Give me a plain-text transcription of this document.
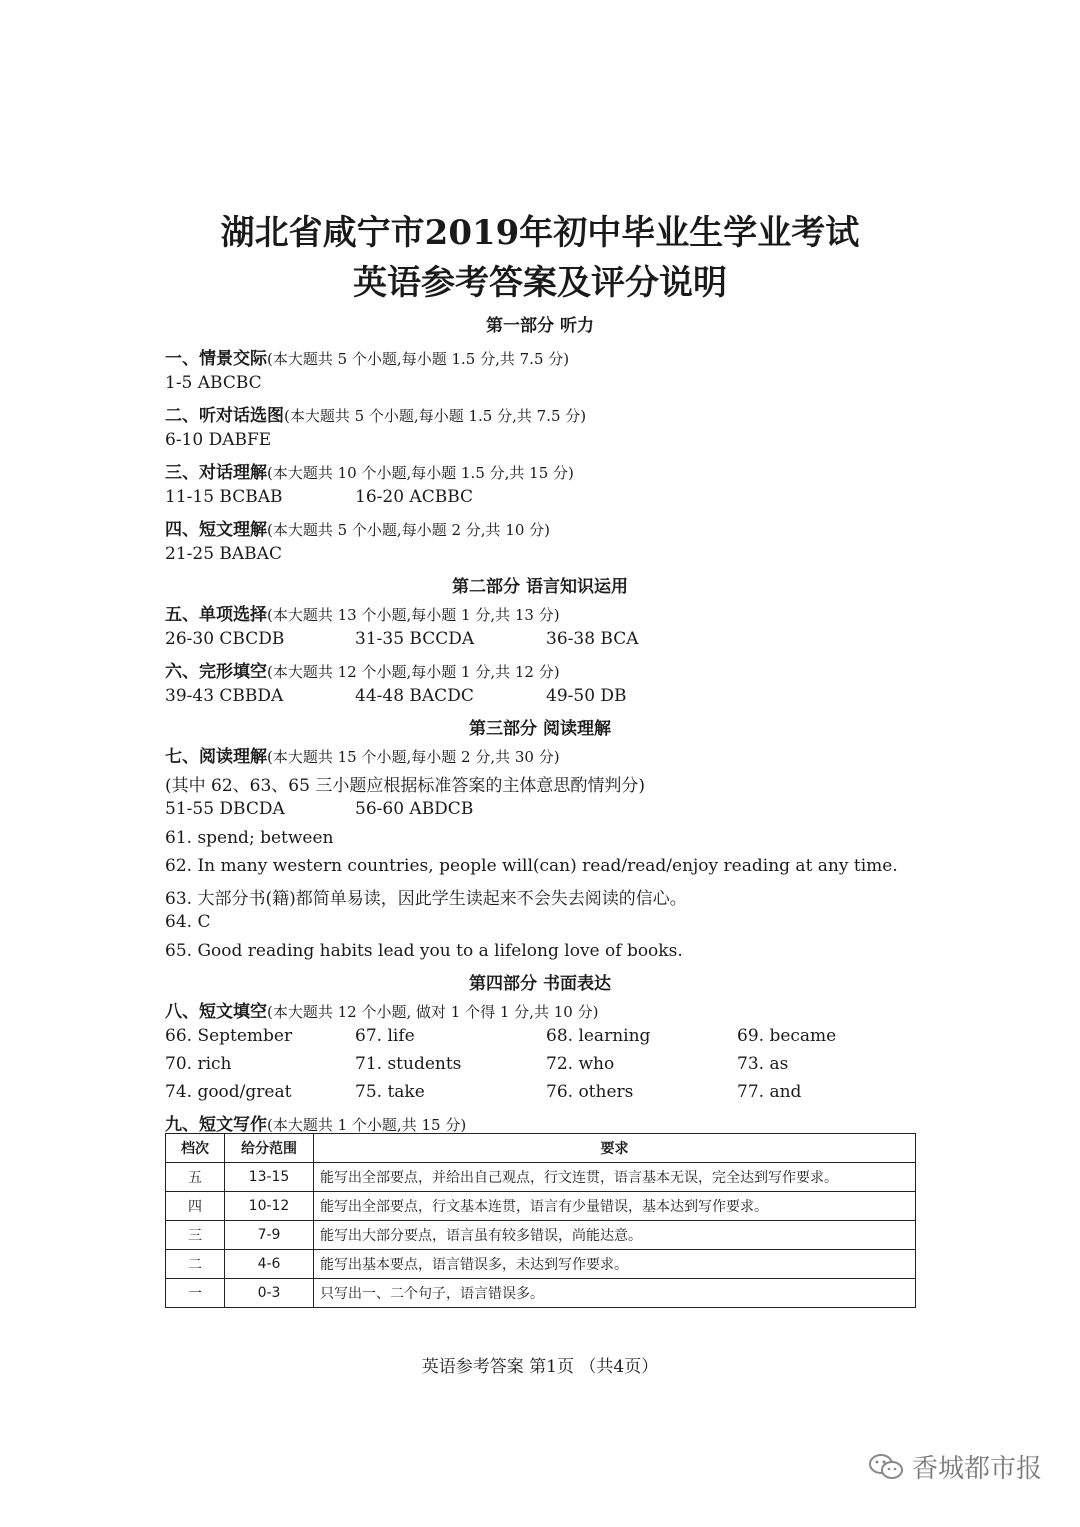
湖北省咸宁市2019年初中毕业生学业考试
英语参考答案及评分说明
第一部分 听力
一、情景交际(本大题共 5 个小题,每小题 1.5 分,共 7.5 分)
1-5 ABCBC
二、听对话选图(本大题共 5 个小题,每小题 1.5 分,共 7.5 分)
6-10 DABFE
三、对话理解(本大题共 10 个小题,每小题 1.5 分,共 15 分)
11-15 BCBAB	16-20 ACBBC
四、短文理解(本大题共 5 个小题,每小题 2 分,共 10 分)
21-25 BABAC
第二部分 语言知识运用
五、单项选择(本大题共 13 个小题,每小题 1 分,共 13 分)
26-30 CBCDB	31-35 BCCDA	36-38 BCA
六、完形填空(本大题共 12 个小题,每小题 1 分,共 12 分)
39-43 CBBDA	44-48 BACDC	49-50 DB
第三部分 阅读理解
七、阅读理解(本大题共 15 个小题,每小题 2 分,共 30 分)
(其中 62、63、65 三小题应根据标准答案的主体意思酌情判分)
51-55 DBCDA	56-60 ABDCB
61. spend; between
62. In many western countries, people will(can) read/read/enjoy reading at any time.
63. 大部分书(籍)都简单易读，因此学生读起来不会失去阅读的信心。
64. C
65. Good reading habits lead you to a lifelong love of books.
第四部分 书面表达
八、短文填空(本大题共 12 个小题, 做对 1 个得 1 分,共 10 分)
66. September	67. life	68. learning	69. became
70. rich	71. students	72. who	73. as
74. good/great	75. take	76. others	77. and
九、短文写作(本大题共 1 个小题,共 15 分)
档次	给分范围	要求
五	13-15	能写出全部要点，并给出自己观点，行文连贯，语言基本无误，完全达到写作要求。
四	10-12	能写出全部要点，行文基本连贯，语言有少量错误，基本达到写作要求。
三	7-9	能写出大部分要点，语言虽有较多错误，尚能达意。
二	4-6	能写出基本要点，语言错误多，未达到写作要求。
一	0-3	只写出一、二个句子，语言错误多。
英语参考答案 第1页 （共4页）
香城都市报
